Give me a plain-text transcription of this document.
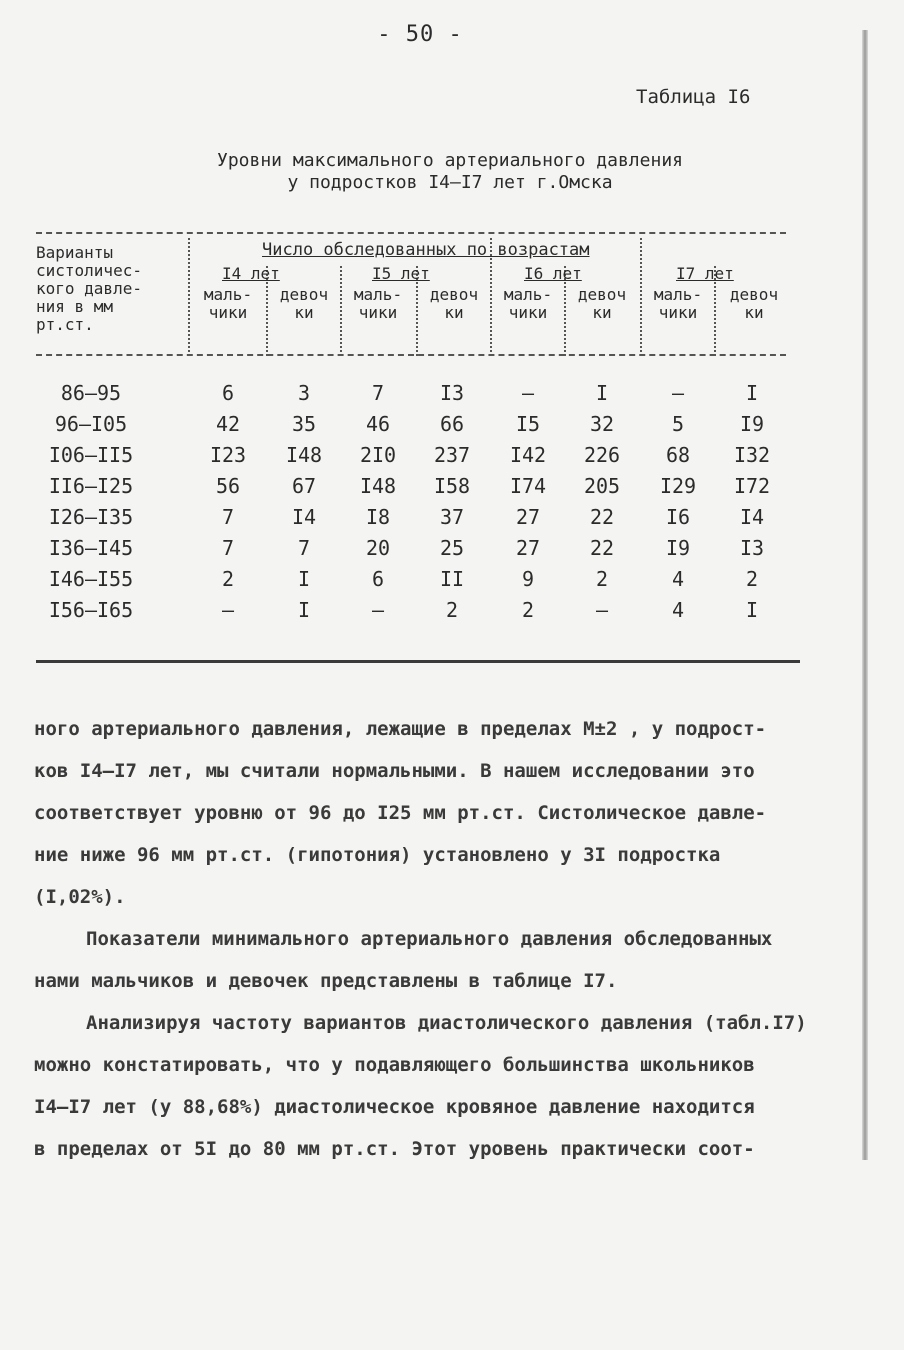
- 50 -
Таблица I6
Уровни максимального артериального давления
у подростков I4–I7 лет г.Омска
Варианты
систоличес-
кого давле-
ния в мм
рт.ст.
Число обследованных по возрастам
I4 лет	I5 лет	I6 лет	I7 лет
маль-
чики
девоч
ки
маль-
чики
девоч
ки
маль-
чики
девоч
ки
маль-
чики
девоч
ки
86–95	6	3	7	I3	–	I	–	I
96–I05	42	35	46	66	I5	32	5	I9
I06–II5	I23	I48	2I0	237	I42	226	68	I32
II6–I25	56	67	I48	I58	I74	205	I29	I72
I26–I35	7	I4	I8	37	27	22	I6	I4
I36–I45	7	7	20	25	27	22	I9	I3
I46–I55	2	I	6	II	9	2	4	2
I56–I65	–	I	–	2	2	–	4	I

ного артериального давления, лежащие в пределах М±2 , у подрост-

ков I4–I7 лет, мы считали нормальными. В нашем исследовании это

соответствует уровню от 96 до I25 мм рт.ст. Систолическое давле-

ние ниже 96 мм рт.ст. (гипотония) установлено у 3I подростка

(I,02%).

Показатели минимального артериального давления обследованных

нами мальчиков и девочек представлены в таблице I7.

Анализируя частоту вариантов диастолического давления (табл.I7)

можно констатировать, что у подавляющего большинства школьников

I4–I7 лет (у 88,68%) диастолическое кровяное давление находится

в пределах от 5I до 80 мм рт.ст. Этот уровень практически соот-
